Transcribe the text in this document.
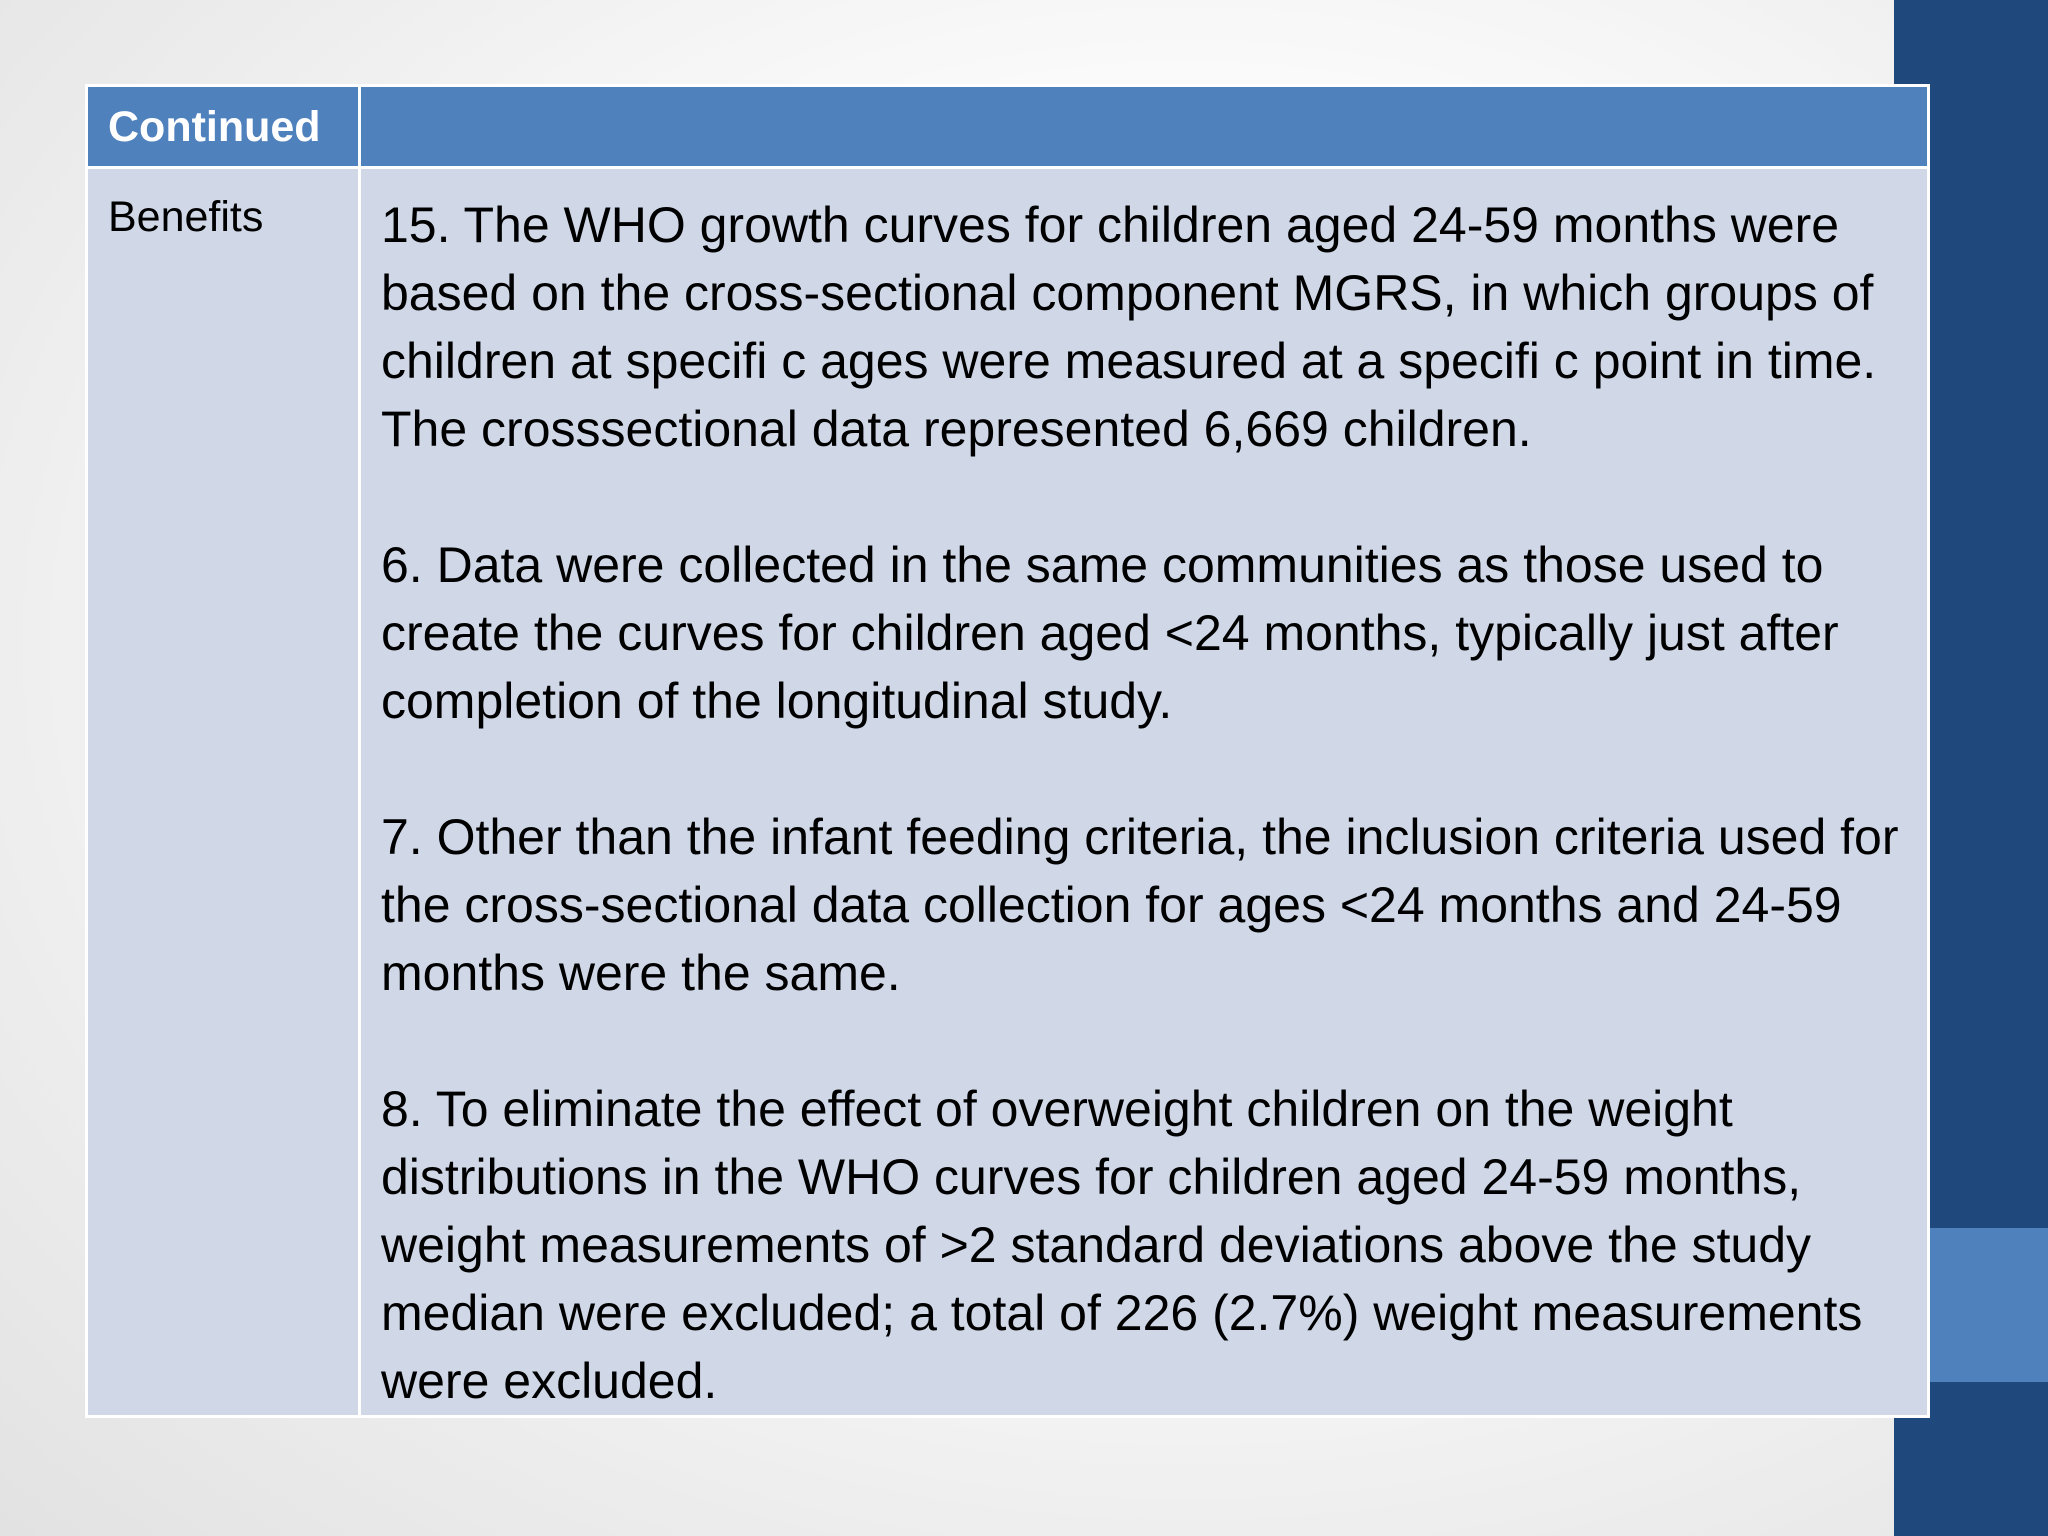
Continued	
Benefits	15. The WHO growth curves for children aged 24-59 months were based on the cross-sectional component MGRS, in which groups of children at specifi c ages were measured at a specifi c point in time. The crosssectional data represented 6,669 children.

6. Data were collected in the same communities as those used to create the curves for children aged <24 months, typically just after completion of the longitudinal study.

7. Other than the infant feeding criteria, the inclusion criteria used for the cross-sectional data collection for ages <24 months and 24-59 months were the same.

8. To eliminate the effect of overweight children on the weight distributions in the WHO curves for children aged 24-59 months, weight measurements of >2 standard deviations above the study median were excluded; a total of 226 (2.7%) weight measurements were excluded.
